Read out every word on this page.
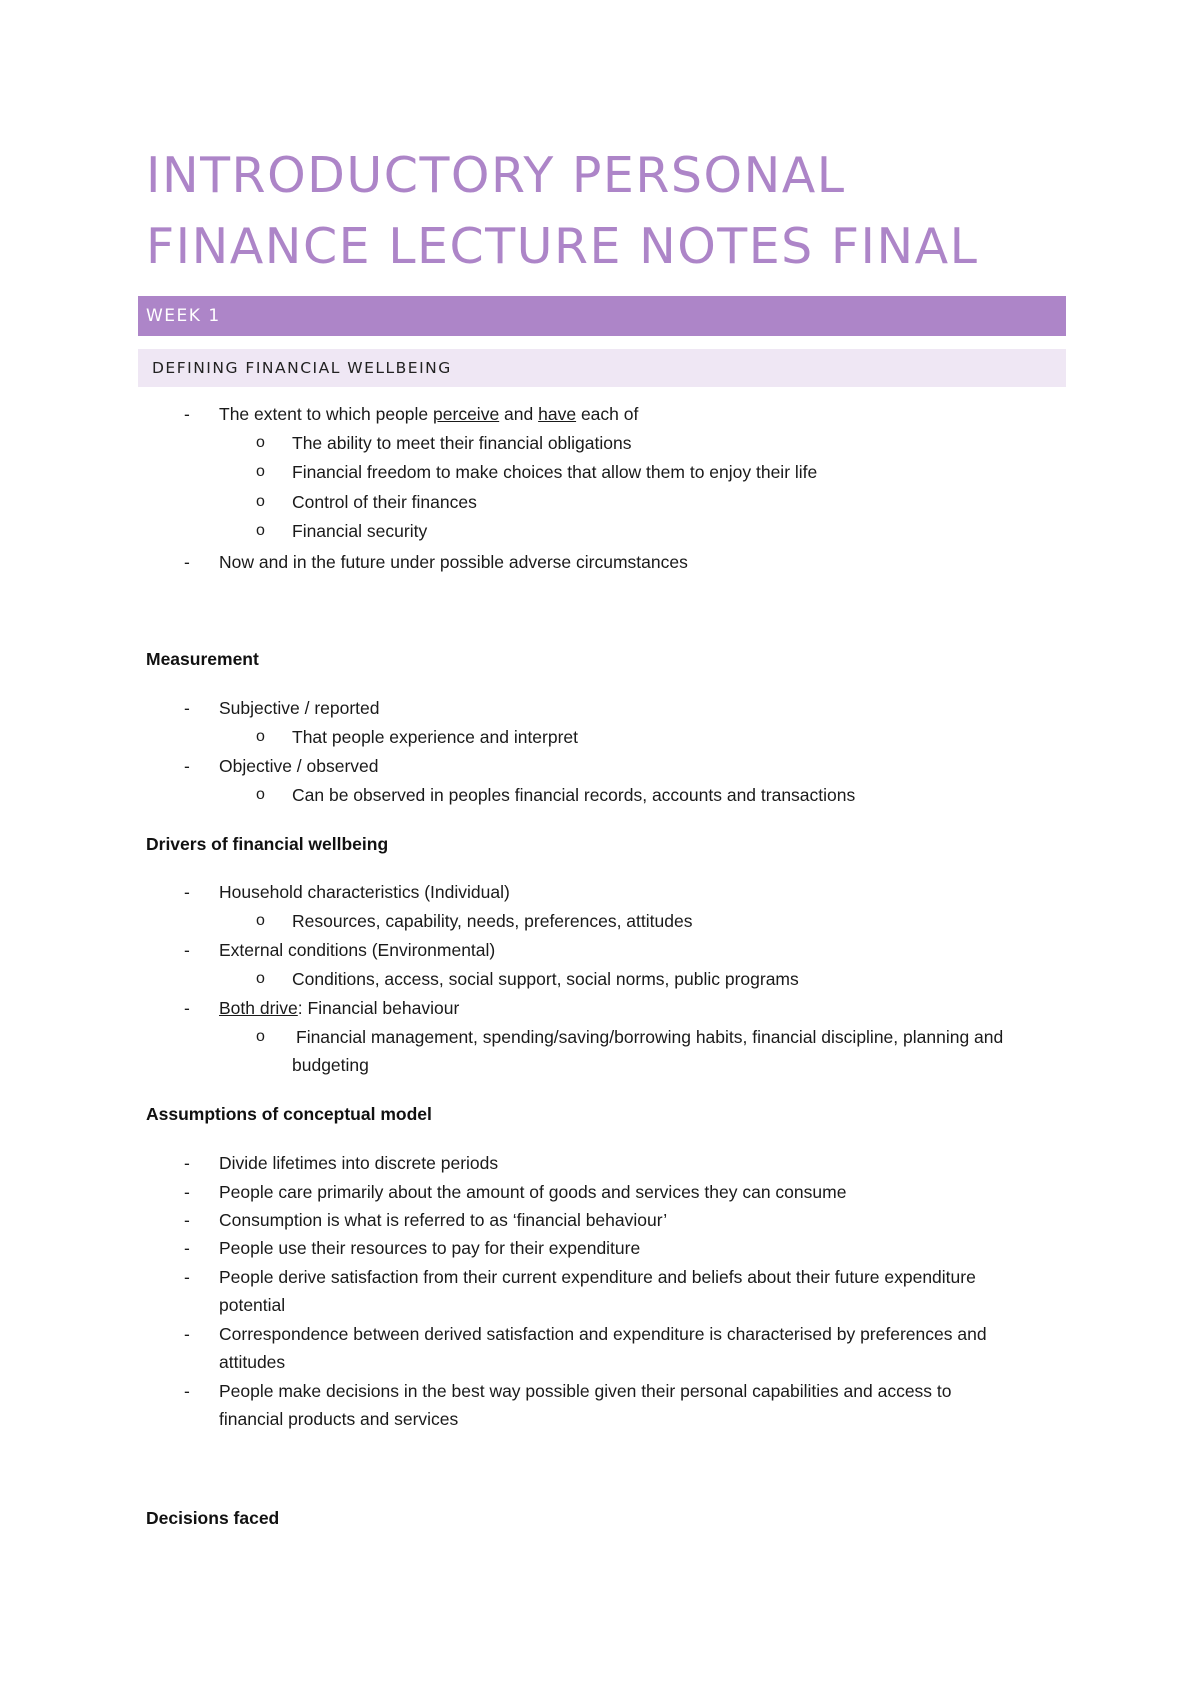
INTRODUCTORY PERSONAL
FINANCE LECTURE NOTES FINAL
WEEK 1
DEFINING FINANCIAL WELLBEING
- The extent to which people perceive and have each of
o The ability to meet their financial obligations
o Financial freedom to make choices that allow them to enjoy their life
o Control of their finances
o Financial security
- Now and in the future under possible adverse circumstances
Measurement
- Subjective / reported
o That people experience and interpret
- Objective / observed
o Can be observed in peoples financial records, accounts and transactions
Drivers of financial wellbeing
- Household characteristics (Individual)
o Resources, capability, needs, preferences, attitudes
- External conditions (Environmental)
o Conditions, access, social support, social norms, public programs
- Both drive: Financial behaviour
o Financial management, spending/saving/borrowing habits, financial discipline, planning and
budgeting
Assumptions of conceptual model
- Divide lifetimes into discrete periods
- People care primarily about the amount of goods and services they can consume
- Consumption is what is referred to as ‘financial behaviour’
- People use their resources to pay for their expenditure
- People derive satisfaction from their current expenditure and beliefs about their future expenditure
potential
- Correspondence between derived satisfaction and expenditure is characterised by preferences and
attitudes
- People make decisions in the best way possible given their personal capabilities and access to
financial products and services
Decisions faced
